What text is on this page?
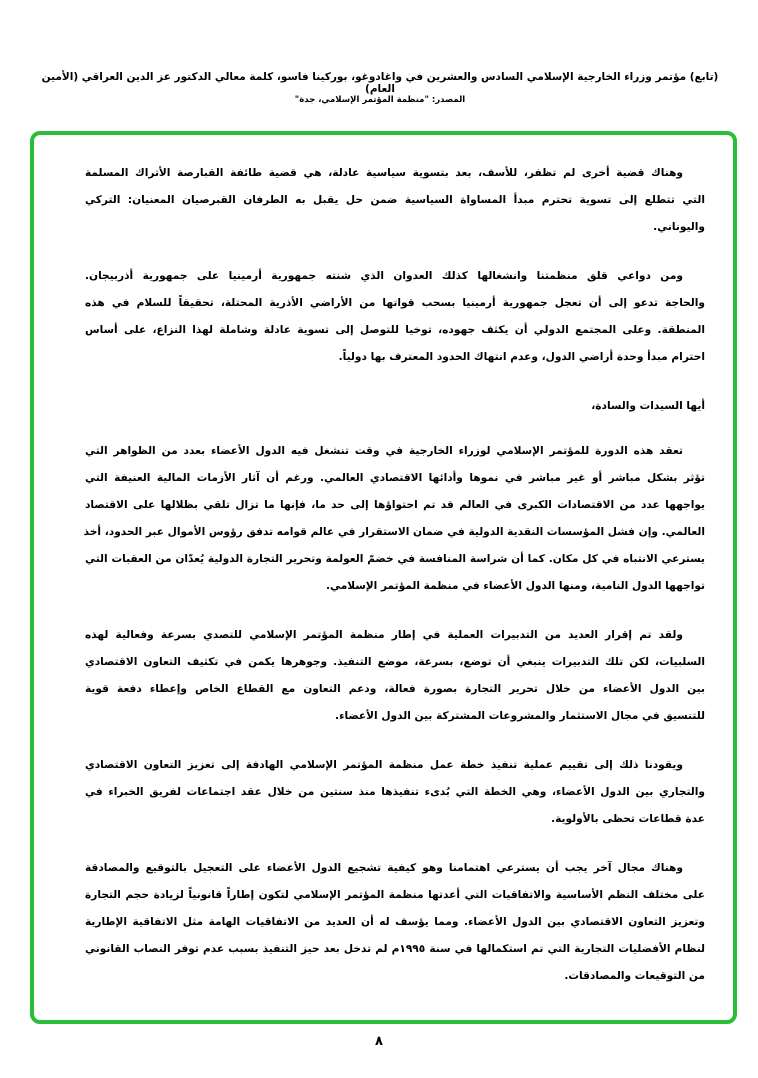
(تابع) مؤتمر وزراء الخارجية الإسلامي السادس والعشرين في واغادوغو، بوركينا فاسو، كلمة معالي الدكتور عز الدين العراقي (الأمين العام)
المصدر: "منظمة المؤتمر الإسلامي، جدة"
وهناك قضية أخرى لم تظفر، للأسف، بعد بتسوية سياسية عادلة، هي قضية طائفة القبارصة الأتراك المسلمة
التي تتطلع إلى تسوية تحترم مبدأ المساواة السياسية ضمن حل يقبل به الطرفان القبرصيان المعنيان: التركي
واليوناني.
ومن دواعي قلق منظمتنا وانشغالها كذلك العدوان الذي شنته جمهورية أرمينيا على جمهورية أذربيجان.
والحاجة تدعو إلى أن تعجل جمهورية أرمينيا بسحب قواتها من الأراضي الأذرية المحتلة، تحقيقاً للسلام في هذه
المنطقة. وعلى المجتمع الدولي أن يكثف جهوده، توخيا للتوصل إلى تسوية عادلة وشاملة لهذا النزاع، على أساس
احترام مبدأ وحدة أراضي الدول، وعدم انتهاك الحدود المعترف بها دولياً.
أيها السيدات والسادة،
تعقد هذه الدورة للمؤتمر الإسلامي لوزراء الخارجية في وقت تنشغل فيه الدول الأعضاء بعدد من الظواهر التي
تؤثر بشكل مباشر أو غير مباشر في نموها وأدائها الاقتصادي العالمي. ورغم أن آثار الأزمات المالية العنيفة التي
يواجهها عدد من الاقتصادات الكبرى في العالم قد تم احتواؤها إلى حد ما، فإنها ما تزال تلقي بظلالها على الاقتصاد
العالمي. وإن فشل المؤسسات النقدية الدولية في ضمان الاستقرار في عالم قوامه تدفق رؤوس الأموال عبر الحدود، أخذ
يسترعي الانتباه في كل مكان. كما أن شراسة المنافسة في خضمّ العولمة وتحرير التجارة الدولية يُعدّان من العقبات التي
تواجهها الدول النامية، ومنها الدول الأعضاء في منظمة المؤتمر الإسلامي.
ولقد تم إقرار العديد من التدبيرات العملية في إطار منظمة المؤتمر الإسلامي للتصدي بسرعة وفعالية لهذه
السلبيات، لكن تلك التدبيرات ينبغي أن توضع، بسرعة، موضع التنفيذ. وجوهرها يكمن في تكثيف التعاون الاقتصادي
بين الدول الأعضاء من خلال تحرير التجارة بصورة فعالة، ودعم التعاون مع القطاع الخاص وإعطاء دفعة قوية
للتنسيق في مجال الاستثمار والمشروعات المشتركة بين الدول الأعضاء.
ويقودنا ذلك إلى تقييم عملية تنفيذ خطة عمل منظمة المؤتمر الإسلامي الهادفة إلى تعزيز التعاون الاقتصادي
والتجاري بين الدول الأعضاء، وهي الخطة التي بُدىء تنفيذها منذ سنتين من خلال عقد اجتماعات لفريق الخبراء في
عدة قطاعات تحظى بالأولوية.
وهناك مجال آخر يجب أن يسترعي اهتمامنا وهو كيفية تشجيع الدول الأعضاء على التعجيل بالتوقيع والمصادقة
على مختلف النظم الأساسية والاتفاقيات التي أعدتها منظمة المؤتمر الإسلامي لتكون إطاراً قانونياً لزيادة حجم التجارة
وتعزيز التعاون الاقتصادي بين الدول الأعضاء. ومما يؤسف له أن العديد من الاتفاقيات الهامة مثل الاتفاقية الإطارية
لنظام الأفضليات التجارية التي تم استكمالها في سنة ١٩٩٥م لم تدخل بعد حيز التنفيذ بسبب عدم توفر النصاب القانوني
من التوقيعات والمصادقات.
٨
